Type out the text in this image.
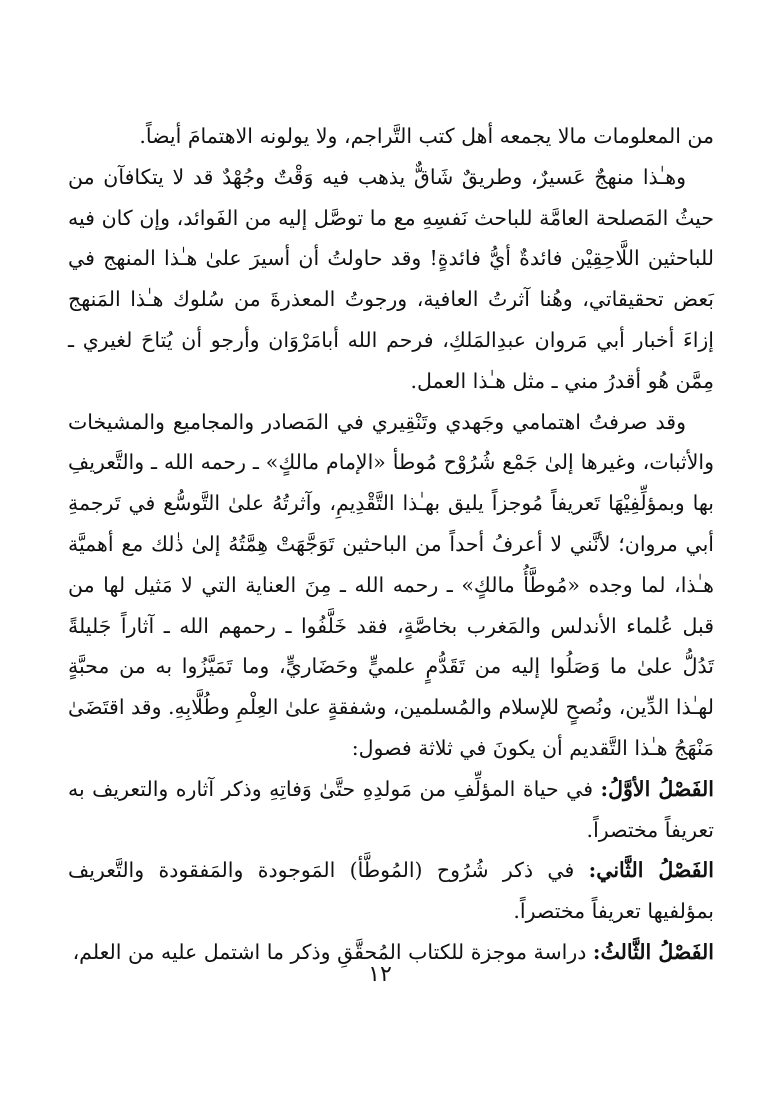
من المعلومات مالا يجمعه أهل كتب التَّراجم، ولا يولونه الاهتمامَ أيضاً.

وهـٰذا منهجٌ عَسيرٌ، وطريقٌ شَاقٌّ يذهب فيه وَقْتٌ وجُهْدٌ قد لا يتكافآن من حيثُ المَصلحة العامَّة للباحث نَفسِهِ مع ما توصَّل إليه من الفَوائد، وإن كان فيه للباحثين اللَّاحِقِيْن فائدةٌ أيُّ فائدةٍ! وقد حاولتُ أن أسيرَ علىٰ هـٰذا المنهج في بَعض تحقيقاتي، وهُنا آثرتُ العافية، ورجوتُ المعذرةَ من سُلوك هـٰذا المَنهج إزاءَ أخبار أبي مَروان عبدِالمَلكِ، فرحم الله أبامَرْوَان وأرجو أن يُتاحَ لغيري ـ مِمَّن هُو أقدرُ مني ـ مثل هـٰذا العمل.

وقد صرفتُ اهتمامي وجَهدي وتَنْقِيري في المَصادر والمجاميع والمشيخات والأثبات، وغيرها إلىٰ جَمْع شُرُوْح مُوطأ «الإمام مالكٍ» ـ رحمه الله ـ والتَّعريفِ بها وبمؤلِّفِيْهَا تَعريفاً مُوجزاً يليق بهـٰذا التَّقْدِيمِ، وآثرتُهُ علىٰ التَّوسُّع في تَرجمةِ أبي مروان؛ لأنَّني لا أعرفُ أحداً من الباحثين تَوَجَّهَتْ هِمَّتُهُ إلىٰ ذٰلك مع أهميَّة هـٰذا، لما وجده «مُوطَّأُ مالكٍ» ـ رحمه الله ـ مِنَ العناية التي لا مَثيل لها من قبل عُلماء الأندلس والمَغرب بخاصَّةٍ، فقد خَلَّفُوا ـ رحمهم الله ـ آثاراً جَليلةً تَدُلُّ علىٰ ما وَصَلُوا إليه من تَقَدُّمٍ علميٍّ وحَضَاريٍّ، وما تَمَيَّزُوا به من محبَّةٍ لهـٰذا الدِّين، ونُصحٍ للإسلام والمُسلمين، وشفقةٍ علىٰ العِلْمِ وطُلَّابِهِ. وقد اقتَضَىٰ مَنْهَجُ هـٰذا التَّقديم أن يكونَ في ثلاثة فصول:

الفَصْلُ الأوَّلُ: في حياة المؤلِّفِ من مَولدِهِ حتَّىٰ وَفاتِهِ وذكر آثاره والتعريف به تعريفاً مختصراً.

الفَصْلُ الثَّاني: في ذكر شُرُوح (المُوطَّأ) المَوجودة والمَفقودة والتَّعريف بمؤلفيها تعريفاً مختصراً.

الفَصْلُ الثَّالثُ: دراسة موجزة للكتاب المُحقَّقِ وذكر ما اشتمل عليه من العلم،

١٢
